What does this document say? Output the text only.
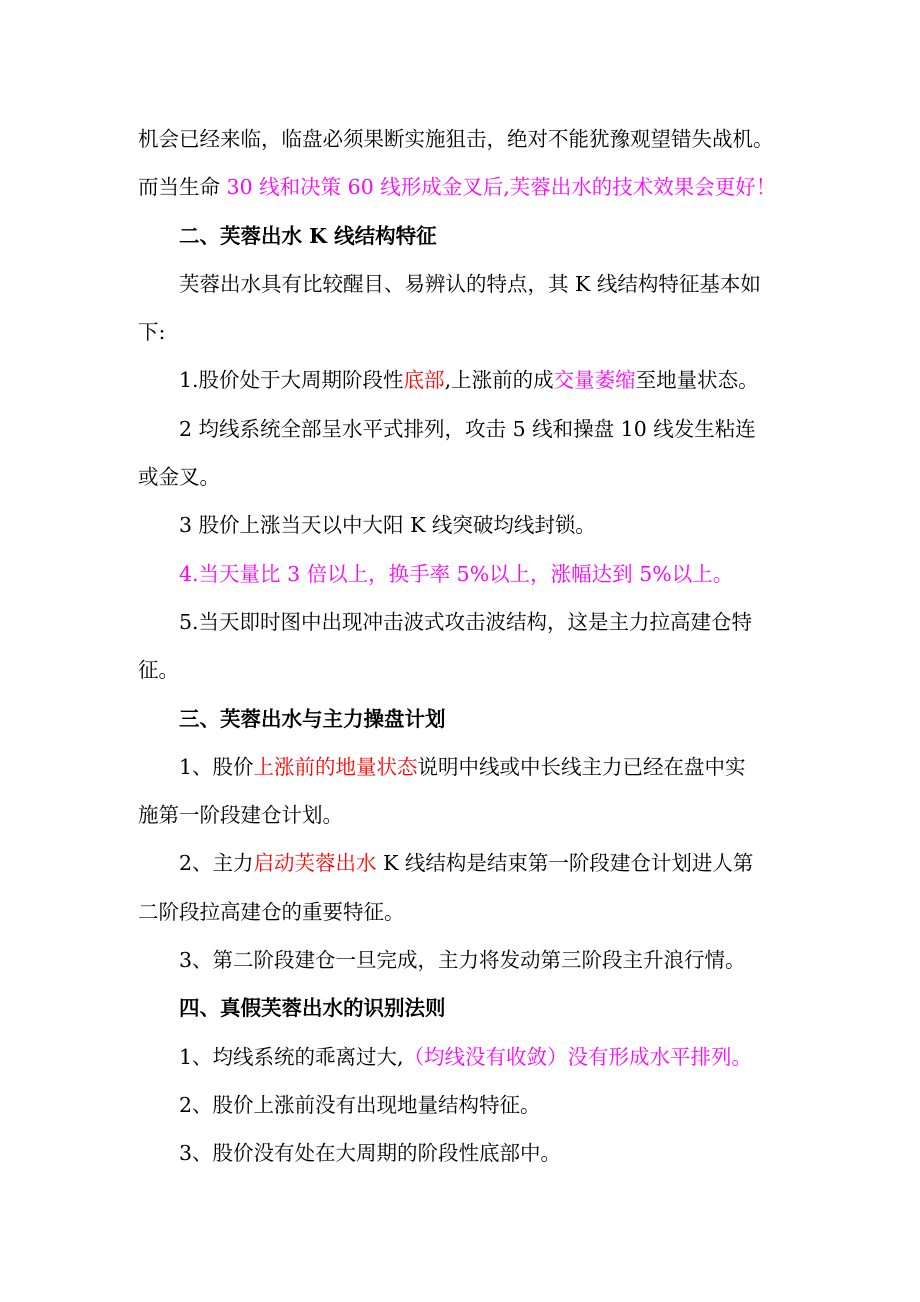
机会已经来临，临盘必须果断实施狙击，绝对不能犹豫观望错失战机。
而当生命 30 线和决策 60 线形成金叉后,芙蓉出水的技术效果会更好！
二、芙蓉出水 K 线结构特征
芙蓉出水具有比较醒目、易辨认的特点，其 K 线结构特征基本如
下:
1.股价处于大周期阶段性底部,上涨前的成交量萎缩至地量状态。
2 均线系统全部呈水平式排列，攻击 5 线和操盘 10 线发生粘连
或金叉。
3 股价上涨当天以中大阳 K 线突破均线封锁。
4.当天量比 3 倍以上，换手率 5%以上，涨幅达到 5%以上。
5.当天即时图中出现冲击波式攻击波结构，这是主力拉高建仓特
征。
三、芙蓉出水与主力操盘计划
1、股价上涨前的地量状态说明中线或中长线主力已经在盘中实
施第一阶段建仓计划。
2、主力启动芙蓉出水 K 线结构是结束第一阶段建仓计划进人第
二阶段拉高建仓的重要特征。
3、第二阶段建仓一旦完成，主力将发动第三阶段主升浪行情。
四、真假芙蓉出水的识别法则
1、均线系统的乖离过大,（均线没有收敛）没有形成水平排列。
2、股价上涨前没有出现地量结构特征。
3、股价没有处在大周期的阶段性底部中。
